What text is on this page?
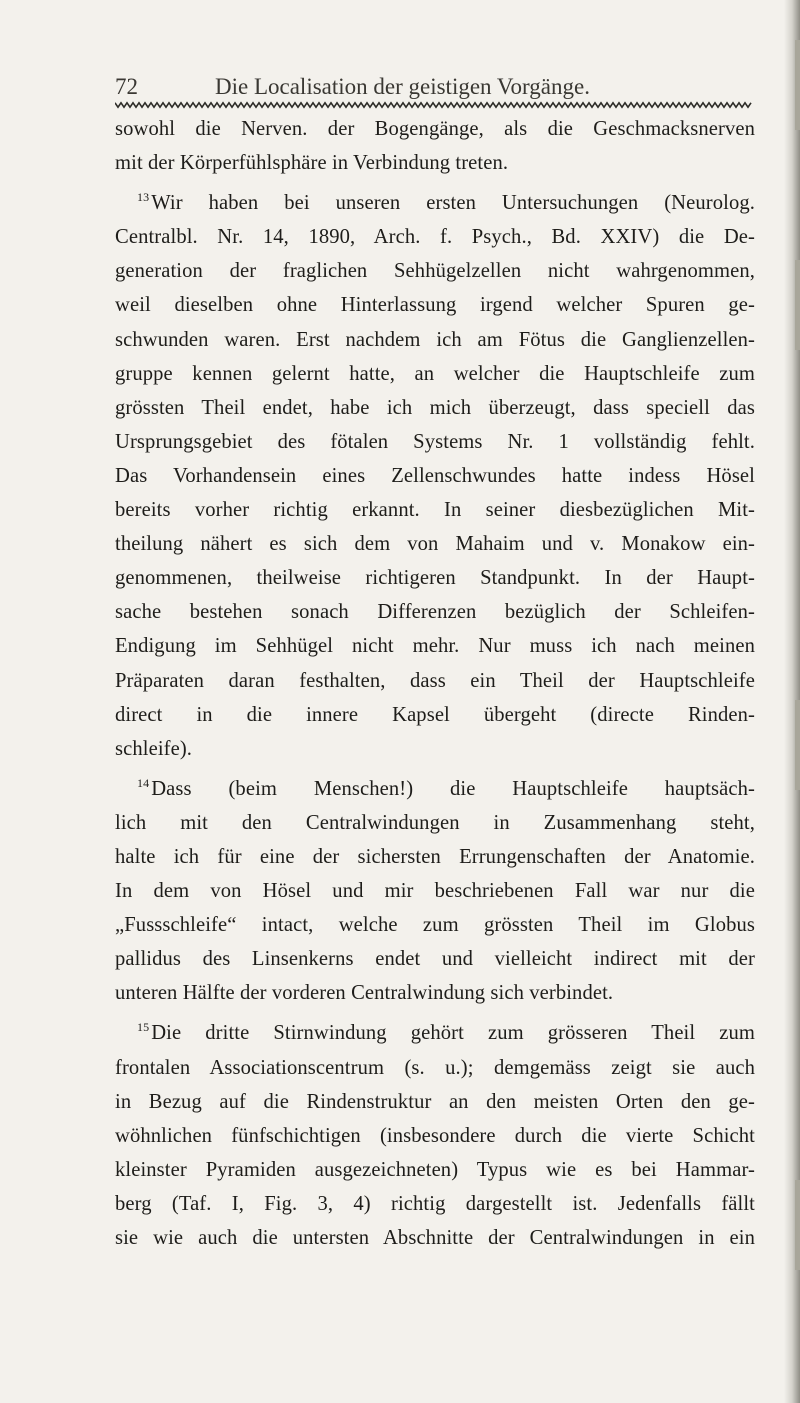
72	Die Localisation der geistigen Vorgänge.
sowohl die Nerven. der Bogengänge, als die Geschmacksnerven
mit der Körperfühlsphäre in Verbindung treten.
$^{13}$Wir haben bei unseren ersten Untersuchungen (Neurolog.
Centralbl. Nr. 14, 1890, Arch. f. Psych., Bd. XXIV) die De-
generation der fraglichen Sehhügelzellen nicht wahrgenommen,
weil dieselben ohne Hinterlassung irgend welcher Spuren ge-
schwunden waren. Erst nachdem ich am Fötus die Ganglienzellen-
gruppe kennen gelernt hatte, an welcher die Hauptschleife zum
grössten Theil endet, habe ich mich überzeugt, dass speciell das
Ursprungsgebiet des fötalen Systems Nr. 1 vollständig fehlt.
Das Vorhandensein eines Zellenschwundes hatte indess Hösel
bereits vorher richtig erkannt. In seiner diesbezüglichen Mit-
theilung nähert es sich dem von Mahaim und v. Monakow ein-
genommenen, theilweise richtigeren Standpunkt. In der Haupt-
sache bestehen sonach Differenzen bezüglich der Schleifen-
Endigung im Sehhügel nicht mehr. Nur muss ich nach meinen
Präparaten daran festhalten, dass ein Theil der Hauptschleife
direct in die innere Kapsel übergeht (directe Rinden-
schleife).
$^{14}$Dass (beim Menschen!) die Hauptschleife hauptsäch-
lich mit den Centralwindungen in Zusammenhang steht,
halte ich für eine der sichersten Errungenschaften der Anatomie.
In dem von Hösel und mir beschriebenen Fall war nur die
„Fussschleife“ intact, welche zum grössten Theil im Globus
pallidus des Linsenkerns endet und vielleicht indirect mit der
unteren Hälfte der vorderen Centralwindung sich verbindet.
$^{15}$Die dritte Stirnwindung gehört zum grösseren Theil zum
frontalen Associationscentrum (s. u.); demgemäss zeigt sie auch
in Bezug auf die Rindenstruktur an den meisten Orten den ge-
wöhnlichen fünfschichtigen (insbesondere durch die vierte Schicht
kleinster Pyramiden ausgezeichneten) Typus wie es bei Hammar-
berg (Taf. I, Fig. 3, 4) richtig dargestellt ist. Jedenfalls fällt
sie wie auch die untersten Abschnitte der Centralwindungen in ein
